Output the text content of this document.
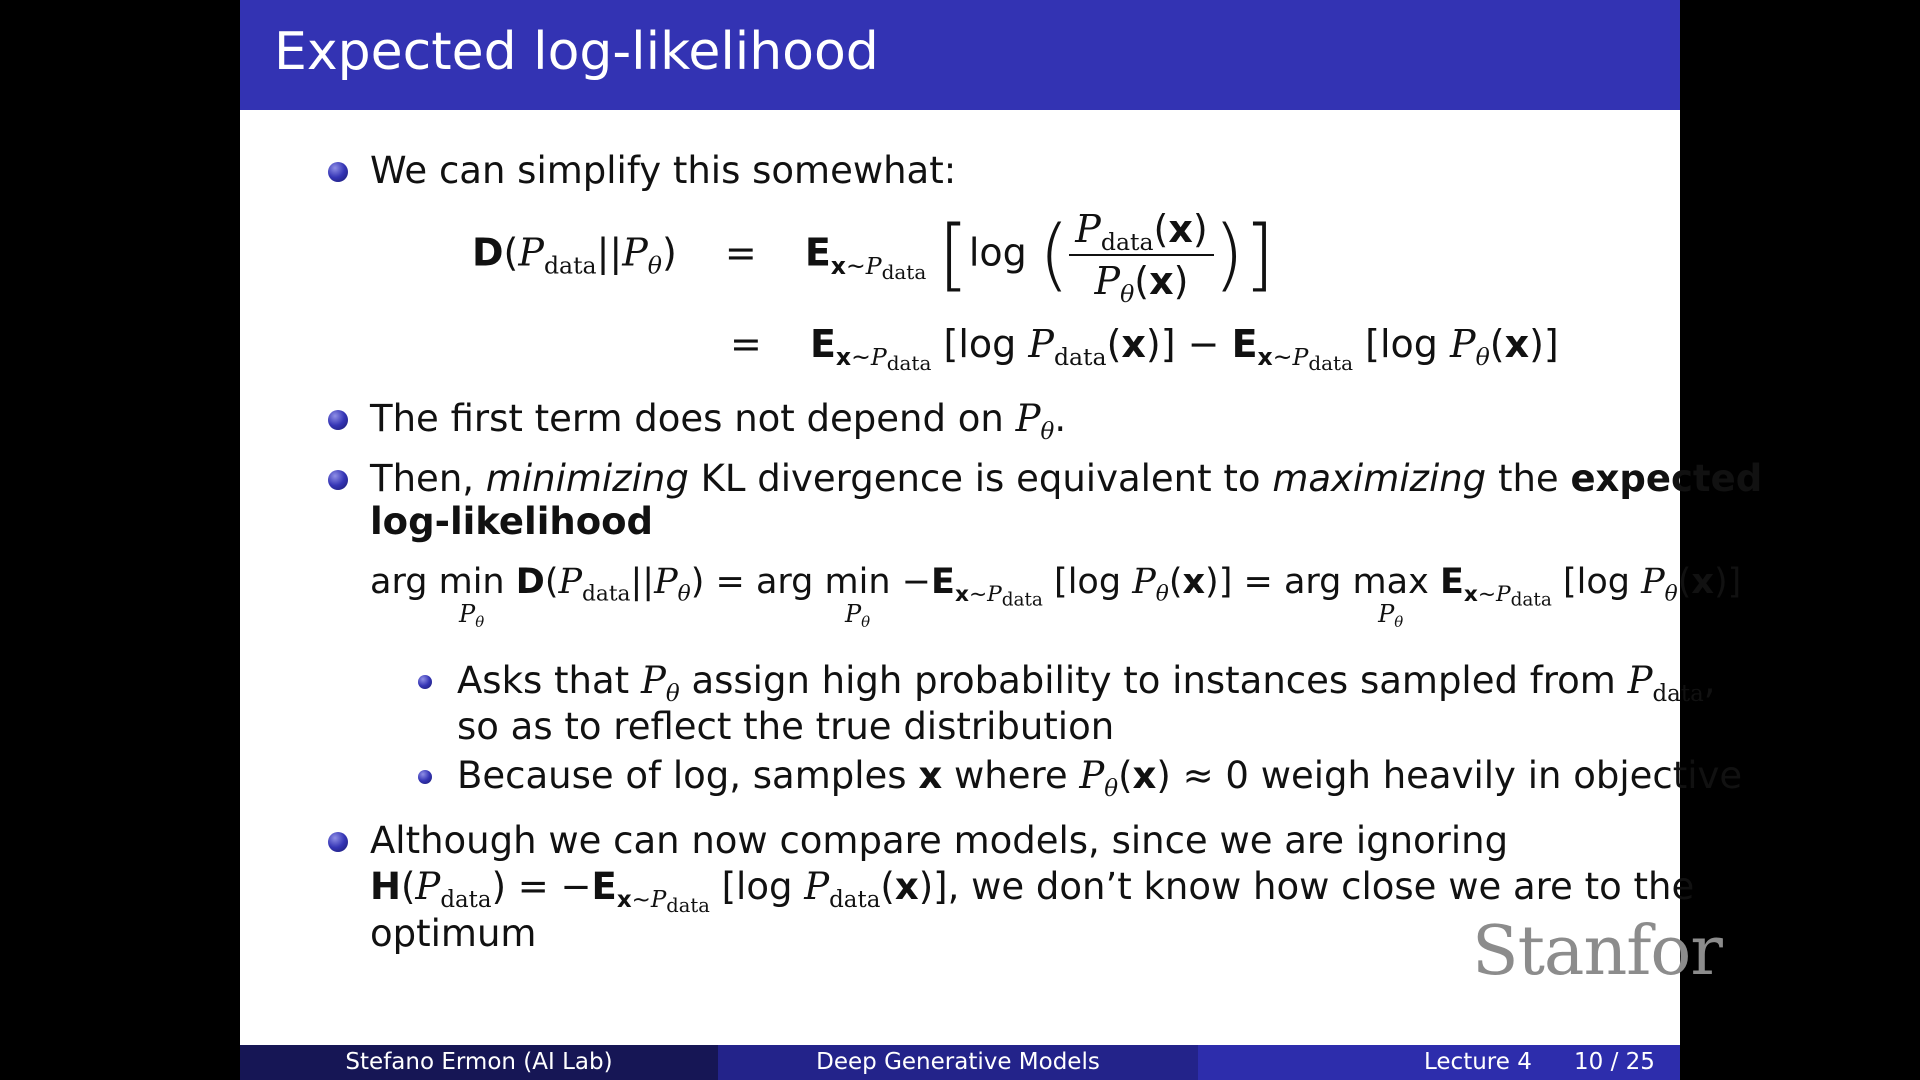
Expected log-likelihood
We can simplify this somewhat:
$D(P_{data}||P_\theta) = E_{x\sim P_{data}}$ [log ( $\frac{P_{data}(x)}{P_\theta(x)}$ )]
= $E_{x\sim P_{data}}$ [log $P_{data}(x)] - E_{x\sim P_{data}}$ [log $P_\theta(x)$]
The first term does not depend on $P_\theta$.
Then, minimizing KL divergence is equivalent to maximizing the expected
log-likelihood
arg min
$P_\theta$
$D(P_{data}||P_\theta)$ = arg min
$P_\theta$
$-E_{x\sim P_{data}}$ [log $P_\theta(x)$] = arg max
$P_\theta$
$E_{x\sim P_{data}}$ [log $P_\theta(x)$]
Asks that $P_\theta$ assign high probability to instances sampled from $P_{data}$,
so as to reflect the true distribution
Because of log, samples x where $P_\theta(x) \approx 0$ weigh heavily in objective
Although we can now compare models, since we are ignoring
$H(P_{data}) = -E_{x\sim P_{data}}$ [log $P_{data}(x)$], we don’t know how close we are to the
optimum	Stanfor
Stefano Ermon (AI Lab)	Deep Generative Models	Lecture 4 10 / 25
